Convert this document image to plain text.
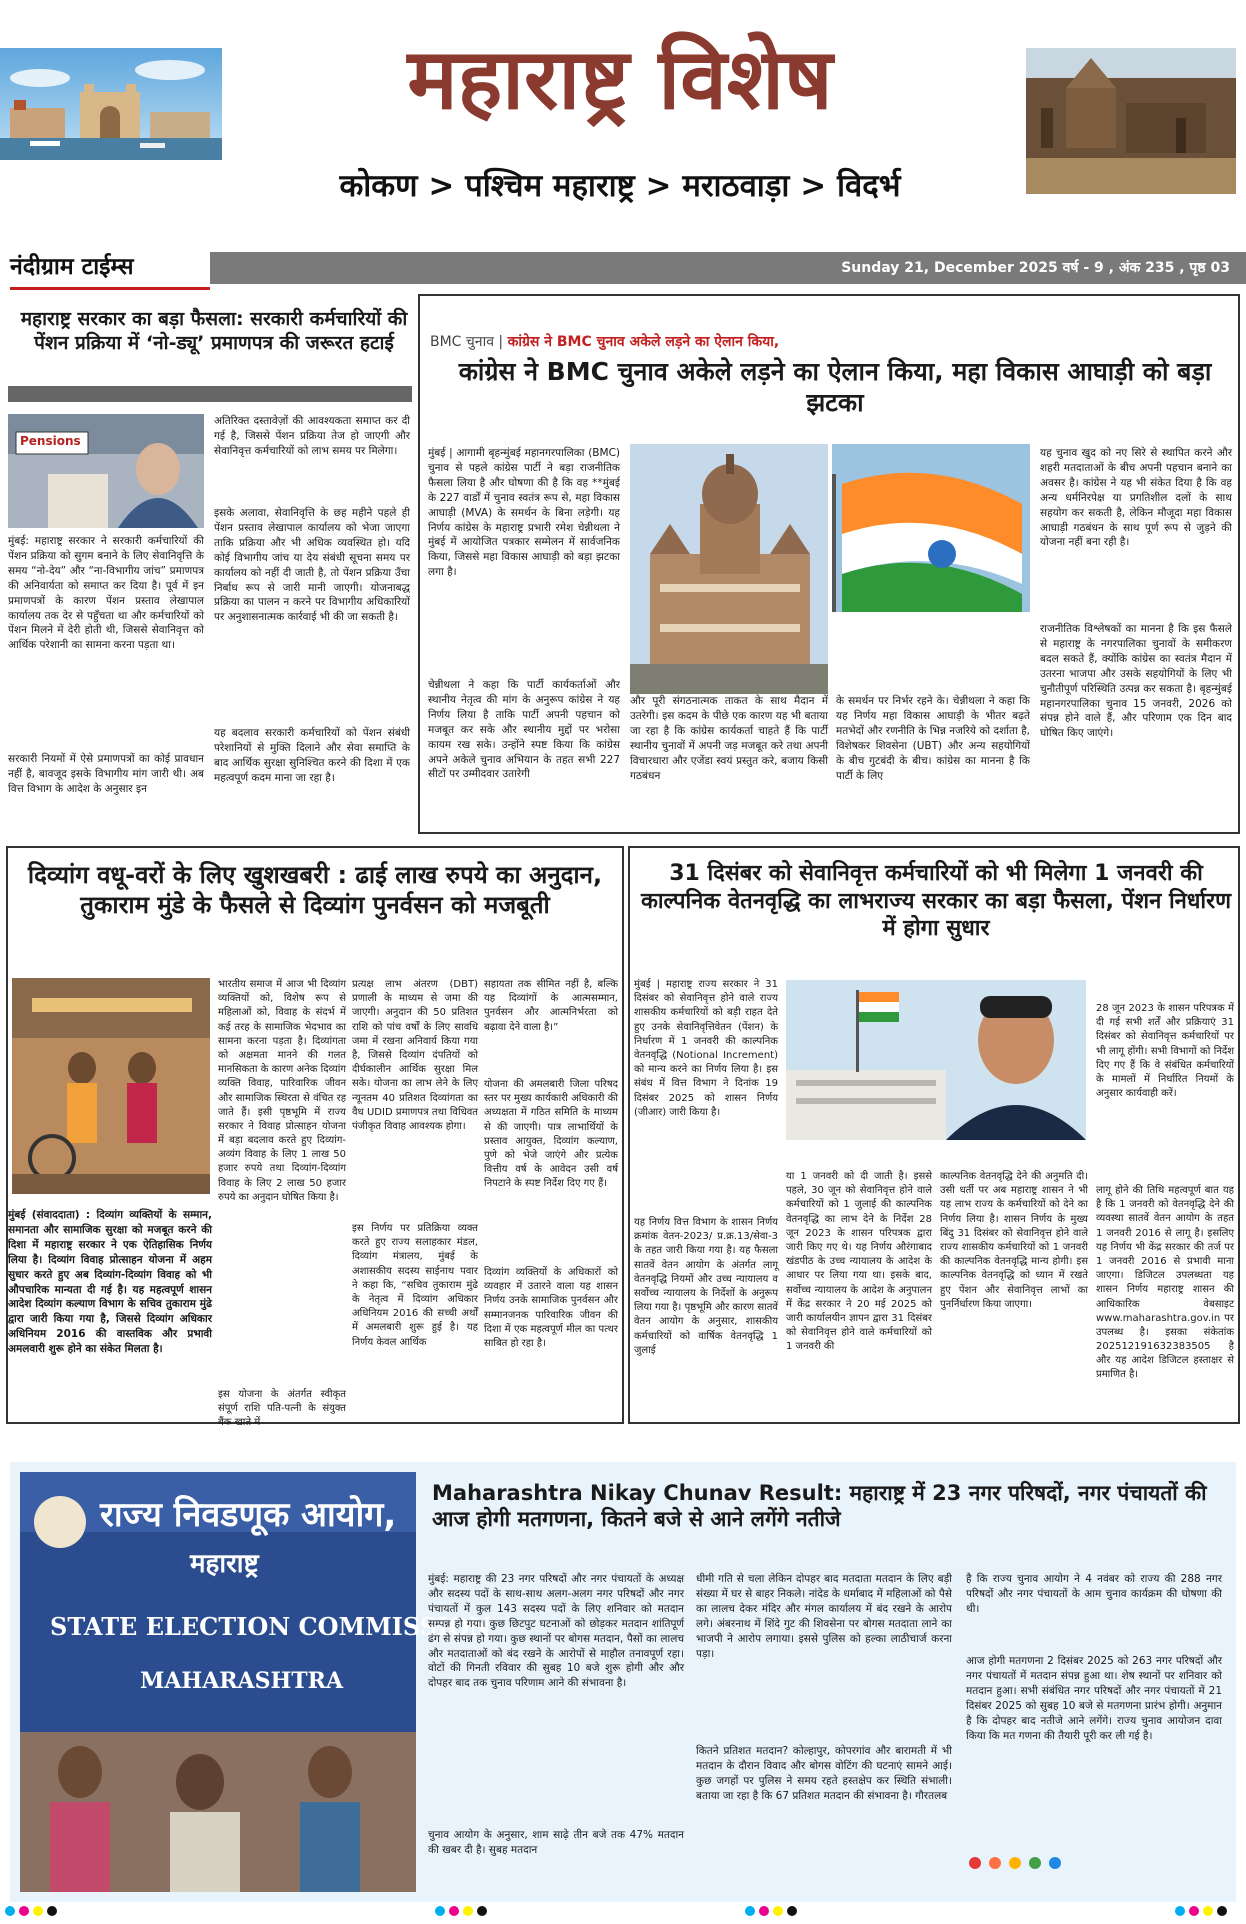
महाराष्ट्र विशेष
कोकण > पश्चिम महाराष्ट्र > मराठवाड़ा > विदर्भ
नंदीग्राम टाईम्स	Sunday 21, December 2025 वर्ष - 9 , अंक 235 , पृष्ठ 03
महाराष्ट्र सरकार का बड़ा फैसला: सरकारी कर्मचारियों की पेंशन प्रक्रिया में ‘नो-ड्यू’ प्रमाणपत्र की जरूरत हटाई
Pensions
मुंबई: महाराष्ट्र सरकार ने सरकारी कर्मचारियों की पेंशन प्रक्रिया को सुगम बनाने के लिए सेवानिवृत्ति के समय “नाे-देय” और “ना-विभागीय जांच” प्रमाणपत्र की अनिवार्यता को समाप्त कर दिया है। पूर्व में इन प्रमाणपत्रों के कारण पेंशन प्रस्ताव लेखापाल कार्यालय तक देर से पहुँचता था और कर्मचारियों को पेंशन मिलने में देरी होती थी, जिससे सेवानिवृत्त को आर्थिक परेशानी का सामना करना पड़ता था।
सरकारी नियमों में ऐसे प्रमाणपत्रों का कोई प्रावधान नहीं है, बावजूद इसके विभागीय मांग जारी थी। अब वित्त विभाग के आदेश के अनुसार इन
अतिरिक्त दस्तावेज़ों की आवश्यकता समाप्त कर दी गई है, जिससे पेंशन प्रक्रिया तेज हो जाएगी और सेवानिवृत्त कर्मचारियों को लाभ समय पर मिलेगा।
इसके अलावा, सेवानिवृत्ति के छह महीने पहले ही पेंशन प्रस्ताव लेखापाल कार्यालय को भेजा जाएगा ताकि प्रक्रिया और भी अधिक व्यवस्थित हो। यदि कोई विभागीय जांच या देय संबंधी सूचना समय पर कार्यालय को नहीं दी जाती है, तो पेंशन प्रक्रिया उँचा निर्बाध रूप से जारी मानी जाएगी। योजनाबद्ध प्रक्रिया का पालन न करने पर विभागीय अधिकारियों पर अनुशासनात्मक कार्रवाई भी की जा सकती है।
यह बदलाव सरकारी कर्मचारियों को पेंशन संबंधी परेशानियों से मुक्ति दिलाने और सेवा समाप्ति के बाद आर्थिक सुरक्षा सुनिश्चित करने की दिशा में एक महत्वपूर्ण कदम माना जा रहा है।
BMC चुनाव | कांग्रेस ने BMC चुनाव अकेले लड़ने का ऐलान किया,
कांग्रेस ने BMC चुनाव अकेले लड़ने का ऐलान किया, महा विकास आघाड़ी को बड़ा झटका
मुंबई | आगामी बृहन्मुंबई महानगरपालिका (BMC) चुनाव से पहले कांग्रेस पार्टी ने बड़ा राजनीतिक फैसला लिया है और घोषणा की है कि वह **मुंबई के 227 वार्डों में चुनाव स्वतंत्र रूप से, महा विकास आघाड़ी (MVA) के समर्थन के बिना लड़ेगी। यह निर्णय कांग्रेस के महाराष्ट्र प्रभारी रमेश चेन्नीथला ने मुंबई में आयोजित पत्रकार सम्मेलन में सार्वजनिक किया, जिससे महा विकास आघाड़ी को बड़ा झटका लगा है।
चेन्नीथला ने कहा कि पार्टी कार्यकर्ताओं और स्थानीय नेतृत्व की मांग के अनुरूप कांग्रेस ने यह निर्णय लिया है ताकि पार्टी अपनी पहचान को मजबूत कर सके और स्थानीय मुद्दों पर भरोसा कायम रख सके। उन्होंने स्पष्ट किया कि कांग्रेस अपने अकेले चुनाव अभियान के तहत सभी 227 सीटों पर उम्मीदवार उतारेगी
और पूरी संगठनात्मक ताकत के साथ मैदान में उतरेगी। इस कदम के पीछे एक कारण यह भी बताया जा रहा है कि कांग्रेस कार्यकर्ता चाहते हैं कि पार्टी स्थानीय चुनावों में अपनी जड़ मजबूत करे तथा अपनी विचारधारा और एजेंडा स्वयं प्रस्तुत करे, बजाय किसी गठबंधन
के समर्थन पर निर्भर रहने के। चेन्नीथला ने कहा कि यह निर्णय महा विकास आघाड़ी के भीतर बढ़ते मतभेदों और रणनीति के भिन्न नजरिये को दर्शाता है, विशेषकर शिवसेना (UBT) और अन्य सहयोगियों के बीच गुटबंदी के बीच। कांग्रेस का मानना है कि पार्टी के लिए
यह चुनाव खुद को नए सिरे से स्थापित करने और शहरी मतदाताओं के बीच अपनी पहचान बनाने का अवसर है। कांग्रेस ने यह भी संकेत दिया है कि वह अन्य धर्मनिरपेक्ष या प्रगतिशील दलों के साथ सहयोग कर सकती है, लेकिन मौजूदा महा विकास आघाड़ी गठबंधन के साथ पूर्ण रूप से जुड़ने की योजना नहीं बना रही है।
राजनीतिक विश्लेषकों का मानना है कि इस फैसले से महाराष्ट्र के नगरपालिका चुनावों के समीकरण बदल सकते हैं, क्योंकि कांग्रेस का स्वतंत्र मैदान में उतरना भाजपा और उसके सहयोगियों के लिए भी चुनौतीपूर्ण परिस्थिति उत्पन्न कर सकता है। बृहन्मुंबई महानगरपालिका चुनाव 15 जनवरी, 2026 को संपन्न होने वाले हैं, और परिणाम एक दिन बाद घोषित किए जाएंगे।
दिव्यांग वधू-वरों के लिए खुशखबरी : ढाई लाख रुपये का अनुदान, तुकाराम मुंडे के फैसले से दिव्यांग पुनर्वसन को मजबूती
मुंबई (संवाददाता) : दिव्यांग व्यक्तियों के सम्मान, समानता और सामाजिक सुरक्षा को मजबूत करने की दिशा में महाराष्ट्र सरकार ने एक ऐतिहासिक निर्णय लिया है। दिव्यांग विवाह प्रोत्साहन योजना में अहम सुधार करते हुए अब दिव्यांग-दिव्यांग विवाह को भी औपचारिक मान्यता दी गई है। यह महत्वपूर्ण शासन आदेश दिव्यांग कल्याण विभाग के सचिव तुकाराम मुंढे द्वारा जारी किया गया है, जिससे दिव्यांग अधिकार अधिनियम 2016 की वास्तविक और प्रभावी अमलवारी शुरू होने का संकेत मिलता है।
भारतीय समाज में आज भी दिव्यांग व्यक्तियों को, विशेष रूप से महिलाओं को, विवाह के संदर्भ में कई तरह के सामाजिक भेदभाव का सामना करना पड़ता है। दिव्यांगता को अक्षमता मानने की गलत मानसिकता के कारण अनेक दिव्यांग व्यक्ति विवाह, पारिवारिक जीवन और सामाजिक स्थिरता से वंचित रह जाते हैं। इसी पृष्ठभूमि में राज्य सरकार ने विवाह प्रोत्साहन योजना में बड़ा बदलाव करते हुए दिव्यांग-अव्यंग विवाह के लिए 1 लाख 50 हजार रुपये तथा दिव्यांग-दिव्यांग विवाह के लिए 2 लाख 50 हजार रुपये का अनुदान घोषित किया है।
इस योजना के अंतर्गत स्वीकृत संपूर्ण राशि पति-पत्नी के संयुक्त बैंक खाते में
प्रत्यक्ष लाभ अंतरण (DBT) प्रणाली के माध्यम से जमा की जाएगी। अनुदान की 50 प्रतिशत राशि को पांच वर्षों के लिए सावधि जमा में रखना अनिवार्य किया गया है, जिससे दिव्यांग दंपतियों को दीर्घकालीन आर्थिक सुरक्षा मिल सके। योजना का लाभ लेने के लिए न्यूनतम 40 प्रतिशत दिव्यांगता का वैध UDID प्रमाणपत्र तथा विधिवत पंजीकृत विवाह आवश्यक होगा।
इस निर्णय पर प्रतिक्रिया व्यक्त करते हुए राज्य सलाहकार मंडल, दिव्यांग मंत्रालय, मुंबई के अशासकीय सदस्य साईनाथ पवार ने कहा कि, “सचिव तुकाराम मुंढे के नेतृत्व में दिव्यांग अधिकार अधिनियम 2016 की सच्ची अर्थों में अमलबारी शुरू हुई है। यह निर्णय केवल आर्थिक
सहायता तक सीमित नहीं है, बल्कि यह दिव्यांगों के आत्मसम्मान, पुनर्वसन और आत्मनिर्भरता को बढ़ावा देने वाला है।”
योजना की अमलबारी जिला परिषद स्तर पर मुख्य कार्यकारी अधिकारी की अध्यक्षता में गठित समिति के माध्यम से की जाएगी। पात्र लाभार्थियों के प्रस्ताव आयुक्त, दिव्यांग कल्याण, पुणे को भेजे जाएंगे और प्रत्येक वित्तीय वर्ष के आवेदन उसी वर्ष निपटाने के स्पष्ट निर्देश दिए गए हैं।
दिव्यांग व्यक्तियों के अधिकारों को व्यवहार में उतारने वाला यह शासन निर्णय उनके सामाजिक पुनर्वसन और सम्मानजनक पारिवारिक जीवन की दिशा में एक महत्वपूर्ण मील का पत्थर साबित हो रहा है।
31 दिसंबर को सेवानिवृत्त कर्मचारियों को भी मिलेगा 1 जनवरी की काल्पनिक वेतनवृद्धि का लाभराज्य सरकार का बड़ा फैसला, पेंशन निर्धारण में होगा सुधार
मुंबई | महाराष्ट्र राज्य सरकार ने 31 दिसंबर को सेवानिवृत्त होने वाले राज्य शासकीय कर्मचारियों को बड़ी राहत देते हुए उनके सेवानिवृत्तिवेतन (पेंशन) के निर्धारण में 1 जनवरी की काल्पनिक वेतनवृद्धि (Notional Increment) को मान्य करने का निर्णय लिया है। इस संबंध में वित्त विभाग ने दिनांक 19 दिसंबर 2025 को शासन निर्णय (जीआर) जारी किया है।
यह निर्णय वित्त विभाग के शासन निर्णय क्रमांक वेतन-2023/ प्र.क्र.13/सेवा-3 के तहत जारी किया गया है। यह फैसला सातवें वेतन आयोग के अंतर्गत लागू वेतनवृद्धि नियमों और उच्च न्यायालय व सर्वोच्च न्यायालय के निर्देशों के अनुरूप लिया गया है। पृष्ठभूमि और कारण सातवें वेतन आयोग के अनुसार, शासकीय कर्मचारियों को वार्षिक वेतनवृद्धि 1 जुलाई
या 1 जनवरी को दी जाती है। इससे पहले, 30 जून को सेवानिवृत्त होने वाले कर्मचारियों को 1 जुलाई की काल्पनिक वेतनवृद्धि का लाभ देने के निर्देश 28 जून 2023 के शासन परिपत्रक द्वारा जारी किए गए थे। यह निर्णय औरंगाबाद खंडपीठ के उच्च न्यायालय के आदेश के आधार पर लिया गया था। इसके बाद, सर्वोच्च न्यायालय के आदेश के अनुपालन में केंद्र सरकार ने 20 मई 2025 को जारी कार्यालयीन ज्ञापन द्वारा 31 दिसंबर को सेवानिवृत्त होने वाले कर्मचारियों को 1 जनवरी की
काल्पनिक वेतनवृद्धि देने की अनुमति दी। उसी धर्ती पर अब महाराष्ट्र शासन ने भी यह लाभ राज्य के कर्मचारियों को देने का निर्णय लिया है। शासन निर्णय के मुख्य बिंदु 31 दिसंबर को सेवानिवृत्त होने वाले राज्य शासकीय कर्मचारियों को 1 जनवरी की काल्पनिक वेतनवृद्धि मान्य होगी। इस काल्पनिक वेतनवृद्धि को ध्यान में रखते हुए पेंशन और सेवानिवृत्त लाभों का पुनर्निर्धारण किया जाएगा।
28 जून 2023 के शासन परिपत्रक में दी गई सभी शर्तें और प्रक्रियाएं 31 दिसंबर को सेवानिवृत्त कर्मचारियों पर भी लागू होंगी। सभी विभागों को निर्देश दिए गए हैं कि वे संबंधित कर्मचारियों के मामलों में निर्धारित नियमों के अनुसार कार्यवाही करें।
लागू होने की तिथि महत्वपूर्ण बात यह है कि 1 जनवरी को वेतनवृद्धि देने की व्यवस्था सातवें वेतन आयोग के तहत 1 जनवरी 2016 से लागू है। इसलिए यह निर्णय भी केंद्र सरकार की तर्ज पर 1 जनवरी 2016 से प्रभावी माना जाएगा। डिजिटल उपलब्धता यह शासन निर्णय महाराष्ट्र शासन की आधिकारिक वेबसाइट www.maharashtra.gov.in पर उपलब्ध है। इसका संकेतांक 202512191632383505 है और यह आदेश डिजिटल हस्ताक्षर से प्रमाणित है।
राज्य निवडणूक आयोग,
महाराष्ट्र
STATE ELECTION COMMISSION
MAHARASHTRA
Maharashtra Nikay Chunav Result: महाराष्ट्र में 23 नगर परिषदों, नगर पंचायतों की आज होगी मतगणना, कितने बजे से आने लगेंगे नतीजे
मुंबई: महाराष्ट्र की 23 नगर परिषदों और नगर पंचायतों के अध्यक्ष और सदस्य पदों के साथ-साथ अलग-अलग नगर परिषदों और नगर पंचायतों में कुल 143 सदस्य पदों के लिए शनिवार को मतदान सम्पन्न हो गया। कुछ छिटपुट घटनाओं को छोड़कर मतदान शांतिपूर्ण ढंग से संपन्न हो गया। कुछ स्थानों पर बोगस मतदान, पैसों का लालच और मतदाताओं को बंद रखने के आरोपों से माहौल तनावपूर्ण रहा। वोटों की गिनती रविवार की सुबह 10 बजे शुरू होगी और और दोपहर बाद तक चुनाव परिणाम आने की संभावना है।
चुनाव आयोग के अनुसार, शाम साढ़े तीन बजे तक 47% मतदान की खबर दी है। सुबह मतदान
धीमी गति से चला लेकिन दोपहर बाद मतदाता मतदान के लिए बड़ी संख्या में घर से बाहर निकले। नांदेड के धर्माबाद में महिलाओं को पैसे का लालच देकर मंदिर और मंगल कार्यालय में बंद रखने के आरोप लगे। अंबरनाथ में शिंदे गुट की शिवसेना पर बोगस मतदाता लाने का भाजपी ने आरोप लगाया। इससे पुलिस को हल्का लाठीचार्ज करना पड़ा।
कितने प्रतिशत मतदान? कोल्हापुर, कोपरगांव और बारामती में भी मतदान के दौरान विवाद और बोगस वोटिंग की घटनाएं सामने आई। कुछ जगहों पर पुलिस ने समय रहते हस्तक्षेप कर स्थिति संभाली। बताया जा रहा है कि 67 प्रतिशत मतदान की संभावना है। गौरतलब
है कि राज्य चुनाव आयोग ने 4 नवंबर को राज्य की 288 नगर परिषदों और नगर पंचायतों के आम चुनाव कार्यक्रम की घोषणा की थी।
आज होगी मतगणना 2 दिसंबर 2025 को 263 नगर परिषदों और नगर पंचायतों में मतदान संपन्न हुआ था। शेष स्थानों पर शनिवार को मतदान हुआ। सभी संबंधित नगर परिषदों और नगर पंचायतों में 21 दिसंबर 2025 को सुबह 10 बजे से मतगणना प्रारंभ होगी। अनुमान है कि दोपहर बाद नतीजे आने लगेंगे। राज्य चुनाव आयोजन दावा किया कि मत गणना की तैयारी पूरी कर ली गई है।
